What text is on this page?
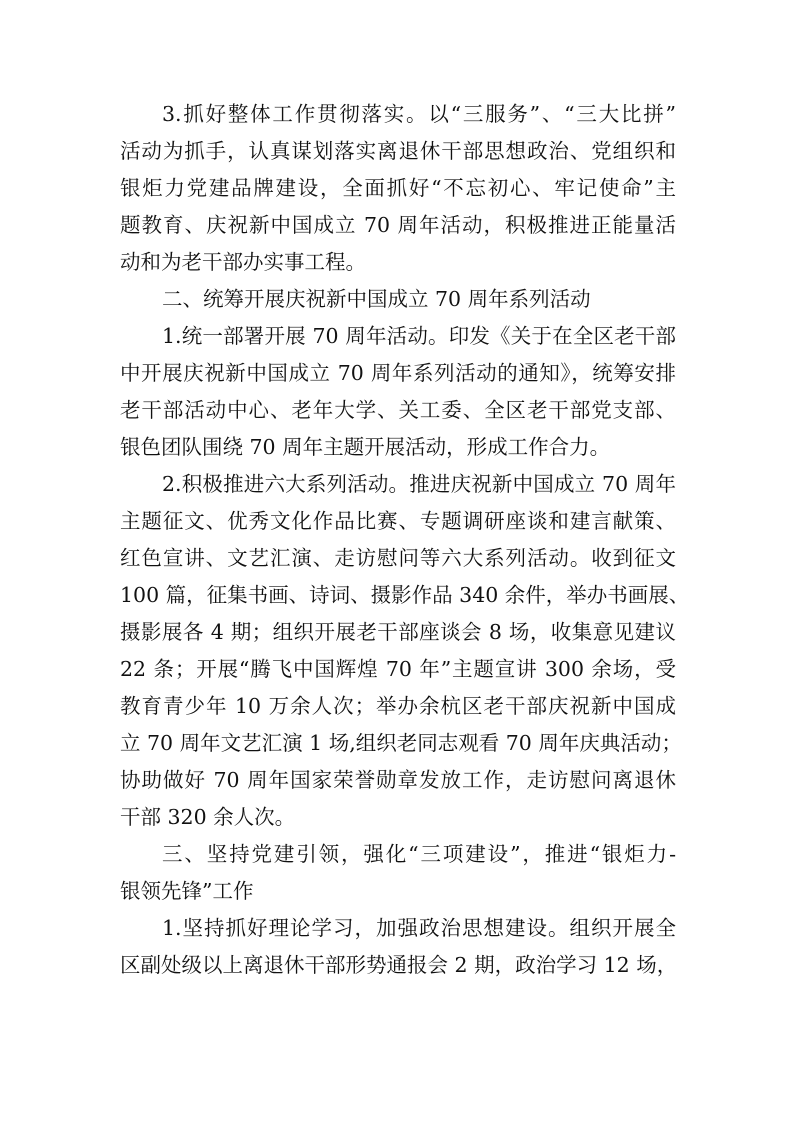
3.抓好整体工作贯彻落实。以“三服务”、“三大比拼”
活动为抓手，认真谋划落实离退休干部思想政治、党组织和
银炬力党建品牌建设，全面抓好“不忘初心、牢记使命”主
题教育、庆祝新中国成立 70 周年活动，积极推进正能量活
动和为老干部办实事工程。
二、统筹开展庆祝新中国成立 70 周年系列活动
1.统一部署开展 70 周年活动。印发《关于在全区老干部
中开展庆祝新中国成立 70 周年系列活动的通知》，统筹安排
老干部活动中心、老年大学、关工委、全区老干部党支部、
银色团队围绕 70 周年主题开展活动，形成工作合力。
2.积极推进六大系列活动。推进庆祝新中国成立 70 周年
主题征文、优秀文化作品比赛、专题调研座谈和建言献策、
红色宣讲、文艺汇演、走访慰问等六大系列活动。收到征文
100 篇，征集书画、诗词、摄影作品 340 余件，举办书画展、
摄影展各 4 期；组织开展老干部座谈会 8 场，收集意见建议
22 条；开展“腾飞中国辉煌 70 年”主题宣讲 300 余场，受
教育青少年 10 万余人次；举办余杭区老干部庆祝新中国成
立 70 周年文艺汇演 1 场,组织老同志观看 70 周年庆典活动；
协助做好 70 周年国家荣誉勋章发放工作，走访慰问离退休
干部 320 余人次。
三、坚持党建引领，强化“三项建设”，推进“银炬力-
银领先锋”工作
1.坚持抓好理论学习，加强政治思想建设。组织开展全
区副处级以上离退休干部形势通报会 2 期，政治学习 12 场，
